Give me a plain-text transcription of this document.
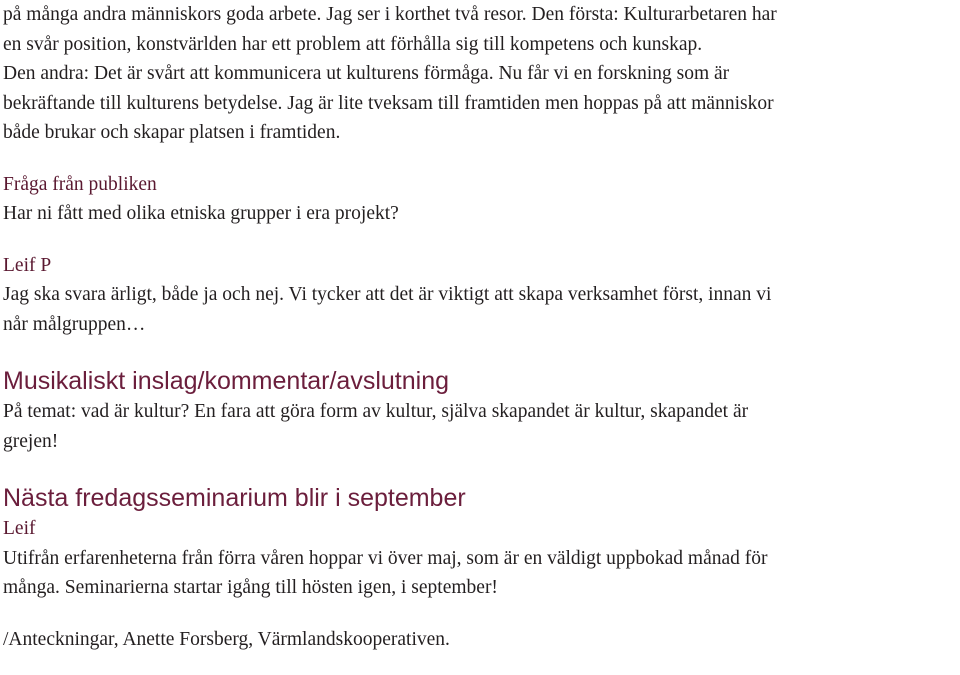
på många andra människors goda arbete. Jag ser i korthet två resor. Den första: Kulturarbetaren har
en svår position, konstvärlden har ett problem att förhålla sig till kompetens och kunskap.
Den andra: Det är svårt att kommunicera ut kulturens förmåga. Nu får vi en forskning som är
bekräftande till kulturens betydelse. Jag är lite tveksam till framtiden men hoppas på att människor
både brukar och skapar platsen i framtiden.

Fråga från publiken

Har ni fått med olika etniska grupper i era projekt?

Leif P

Jag ska svara ärligt, både ja och nej. Vi tycker att det är viktigt att skapa verksamhet först, innan vi
når målgruppen…

Musikaliskt inslag/kommentar/avslutning

På temat: vad är kultur? En fara att göra form av kultur, själva skapandet är kultur, skapandet är
grejen!

Nästa fredagsseminarium blir i september

Leif

Utifrån erfarenheterna från förra våren hoppar vi över maj, som är en väldigt uppbokad månad för
många. Seminarierna startar igång till hösten igen, i september!

/Anteckningar, Anette Forsberg, Värmlandskooperativen.
